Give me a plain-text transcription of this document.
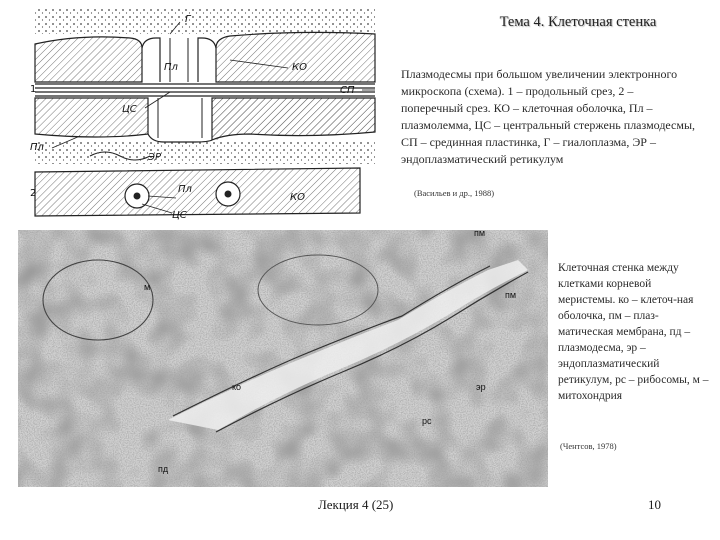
Тема 4. Клеточная стенка
Г
Пл	КО
1	СП
ЦС
Пл
ЭР
2	Пл
КО
ЦС
Плазмодесмы при большом увеличении электронного микроскопа (схема). 1 – продольный срез, 2 – поперечный срез. КО – клеточная оболочка, Пл – плазмолемма, ЦС – центральный стержень плазмодесмы, СП – срединная пластинка, Г – гиалоплазма, ЭР – эндоплазматический ретикулум
(Васильев и др., 1988)
пм
м
пм
ко	эр
рс
пд
Клеточная стенка между клетками корневой меристемы. ко – клеточ-ная оболочка, пм – плаз-матическая мембрана, пд – плазмодесма, эр – эндоплазматический ретикулум, рс – рибосомы, м – митохондрия
(Чентсов, 1978)
Лекция 4 (25)	10
